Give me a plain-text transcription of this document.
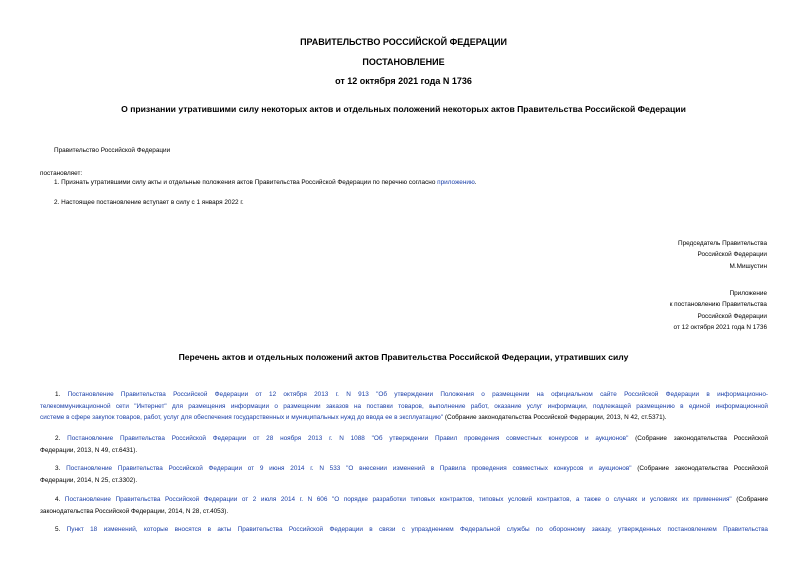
ПРАВИТЕЛЬСТВО РОССИЙСКОЙ ФЕДЕРАЦИИ
ПОСТАНОВЛЕНИЕ
от 12 октября 2021 года N 1736
О признании утратившими силу некоторых актов и отдельных положений некоторых актов Правительства Российской Федерации
Правительство Российской Федерации
постановляет:
1. Признать утратившими силу акты и отдельные положения актов Правительства Российской Федерации по перечню согласно приложению.
2. Настоящее постановление вступает в силу с 1 января 2022 г.
Председатель Правительства
Российской Федерации
М.Мишустин
Приложение
к постановлению Правительства
Российской Федерации
от 12 октября 2021 года N 1736
Перечень актов и отдельных положений актов Правительства Российской Федерации, утративших силу
1. Постановление Правительства Российской Федерации от 12 октября 2013 г. N 913 "Об утверждении Положения о размещении на официальном сайте Российской Федерации в информационно-
телекоммуникационной сети "Интернет" для размещения информации о размещении заказов на поставки товаров, выполнение работ, оказание услуг информации, подлежащей размещению в единой информационной
системе в сфере закупок товаров, работ, услуг для обеспечения государственных и муниципальных нужд до ввода ее в эксплуатацию" (Собрание законодательства Российской Федерации, 2013, N 42, ст.5371).
2. Постановление Правительства Российской Федерации от 28 ноября 2013 г. N 1088 "Об утверждении Правил проведения совместных конкурсов и аукционов" (Собрание законодательства Российской
Федерации, 2013, N 49, ст.6431).
3. Постановление Правительства Российской Федерации от 9 июня 2014 г. N 533 "О внесении изменений в Правила проведения совместных конкурсов и аукционов" (Собрание законодательства Российской
Федерации, 2014, N 25, ст.3302).
4. Постановление Правительства Российской Федерации от 2 июля 2014 г. N 606 "О порядке разработки типовых контрактов, типовых условий контрактов, а также о случаях и условиях их применения" (Собрание
законодательства Российской Федерации, 2014, N 28, ст.4053).
5. Пункт 18 изменений, которые вносятся в акты Правительства Российской Федерации в связи с упразднением Федеральной службы по оборонному заказу, утвержденных постановлением Правительства
